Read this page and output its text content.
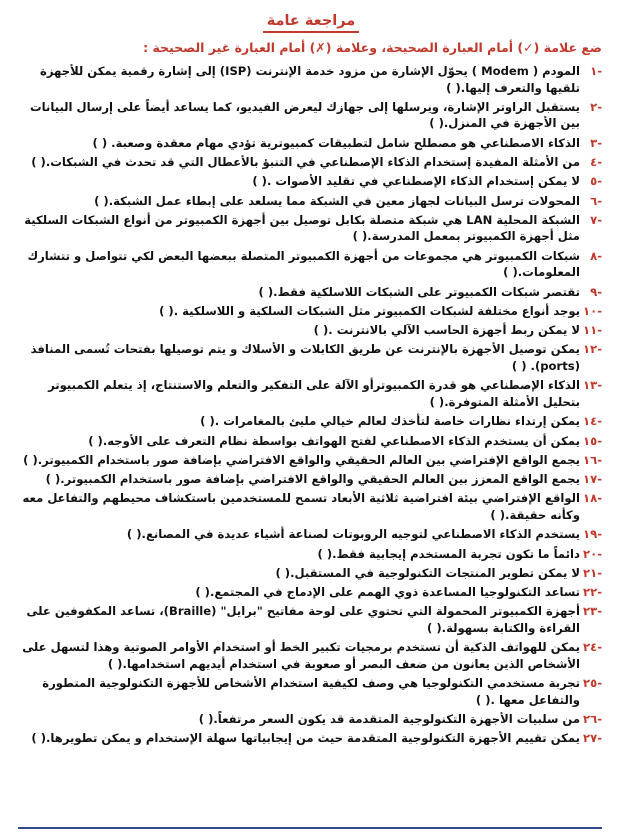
مراجعة عامة
ضع علامة (✓) أمام العبارة الصحيحة، وعلامة (✗) أمام العبارة غير الصحيحة :
-١
المودم ( Modem ) يحوّل الإشارة من مزود خدمة الإنترنت (ISP) إلى إشارة رقمية يمكن للأجهزة تلقيها والتعرف إليها.( )
-٢
يستقبل الراوتر الإشارة، ويرسلها إلى جهازك ليعرض الفيديو، كما يساعد أيضاً على إرسال البيانات بين الأجهزة في المنزل.( )
-٣
الذكاء الاصطناعي هو مصطلح شامل لتطبيقات كمبيوترية تؤدي مهام معقدة وصعبة. ( )
-٤
من الأمثلة المفيدة إستخدام الذكاء الإصطناعي في التنبؤ بالأعطال التي قد تحدث في الشبكات.( )
-٥
لا يمكن إستخدام الذكاء الإصطناعي في تقليد الأصوات .( )
-٦
المحولات ترسل البيانات لجهاز معين في الشبكة مما يسلعد على إبطاء عمل الشبكة.( )
-٧
الشبكة المحلية LAN هي شبكة متصلة بكابل توصيل بين أجهزة الكمبيوتر من أنواع الشبكات السلكية مثل أجهزة الكمبيوتر بمعمل المدرسة.( )
-٨
شبكات الكمبيوتر هي مجموعات من أجهزة الكمبيوتر المتصلة ببعضها البعض لكي تتواصل و تتشارك المعلومات.( )
-٩
تقتصر شبكات الكمبيوتر على الشبكات اللاسلكية فقط.( )
-١٠
يوجد أنواع مختلفة لشبكات الكمبيوتر مثل الشبكات السلكية و اللاسلكية .( )
-١١
لا يمكن ربط أجهزة الحاسب الآلي بالانترنت .( )
-١٢
يمكن توصيل الأجهزة بالإنترنت عن طريق الكابلات و الأسلاك و يتم توصيلها بفتحات تُسمى المنافذ (ports). ( )
-١٣
الذكاء الإصطناعي هو قدرة الكمبيوترأو الآلة على التفكير والتعلم والاستنتاج، إذ يتعلم الكمبيوتر بتحليل الأمثلة المتوفرة.( )
-١٤
يمكن إرتداء نظارات خاصة لتأخذك لعالم خيالي مليئ بالمغامرات .( )
-١٥
يمكن أن يستخدم الذكاء الاصطناعي لفتح الهواتف بواسطة نظام التعرف على الأوجه.( )
-١٦
يجمع الواقع الإفتراضي بين العالم الحقيقي والواقع الافتراضي بإضافة صور باستخدام الكمبيوتر.( )
-١٧
يجمع الواقع المعزز بين العالم الحقيقي والواقع الافتراضي بإضافة صور باستخدام الكمبيوتر.( )
-١٨
الواقع الإفتراضي بيئة افتراضية ثلاثية الأبعاد تسمح للمستخدمين باستكشاف محيطهم والتفاعل معه وكأنه حقيقة.( )
-١٩
يستخدم الذكاء الاصطناعي لتوجيه الروبوتات لصناعة أشياء عديدة في المصانع.( )
-٢٠
دائماً ما تكون تجربة المستخدم إيجابية فقط.( )
-٢١
لا يمكن تطوير المنتجات التكنولوجية في المستقبل.( )
-٢٢
تساعد التكنولوجيا المساعدة ذوي الهمم على الإدماج في المجتمع.( )
-٢٣
أجهزة الكمبيوتر المحمولة التي تحتوي على لوحة مفاتيح "برايل" (Braille)، تساعد المكفوفين على القراءة والكتابة بسهولة.( )
-٢٤
يمكن للهواتف الذكية أن تستخدم برمجيات تكبير الخط أو استخدام الأوامر الصوتية وهذا لتسهل على الأشخاص الذين يعانون من ضعف البصر أو صعوبة في استخدام أيديهم استخدامها.( )
-٢٥
تجربة مستخدمي التكنولوجيا هي وصف لكيفية استخدام الأشخاص للأجهزة التكنولوجية المتطورة والتفاعل معها .( )
-٢٦
من سلبيات الأجهزة التكنولوجية المتقدمة قد يكون السعر مرتفعاً.( )
-٢٧
يمكن تقييم الأجهزة التكنولوجية المتقدمة حيث من إيجابياتها سهلة الإستخدام و يمكن تطويرها.( )
